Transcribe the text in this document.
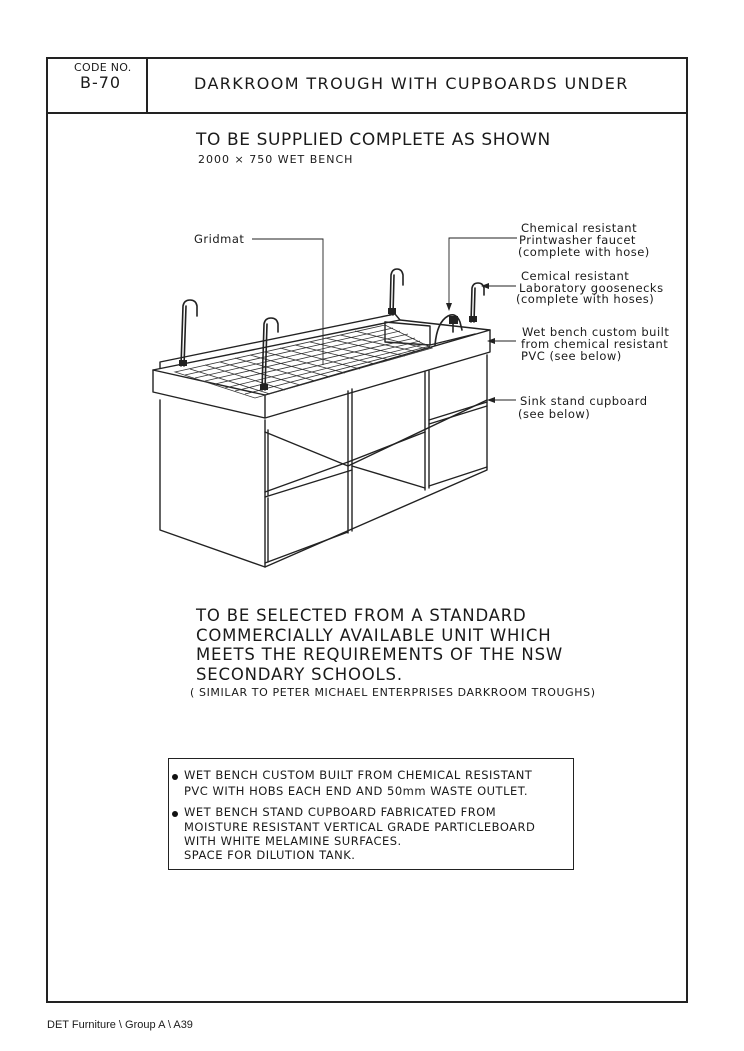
CODE NO.
B-70	DARKROOM TROUGH WITH CUPBOARDS UNDER
TO BE SUPPLIED COMPLETE AS SHOWN
2000 × 750 WET BENCH
Gridmat
Chemical resistant
Printwasher faucet
(complete with hose)
Cemical resistant
Laboratory goosenecks
(complete with hoses)
Wet bench custom built
from chemical resistant
PVC (see below)
Sink stand cupboard
(see below)
TO BE SELECTED FROM A STANDARD
COMMERCIALLY AVAILABLE UNIT WHICH
MEETS THE REQUIREMENTS OF THE NSW
SECONDARY SCHOOLS.
( SIMILAR TO PETER MICHAEL ENTERPRISES DARKROOM TROUGHS)
WET BENCH CUSTOM BUILT FROM CHEMICAL RESISTANT
PVC WITH HOBS EACH END AND 50mm WASTE OUTLET.
WET BENCH STAND CUPBOARD FABRICATED FROM
MOISTURE RESISTANT VERTICAL GRADE PARTICLEBOARD
WITH WHITE MELAMINE SURFACES.
SPACE FOR DILUTION TANK.
DET Furniture \ Group A \ A39
